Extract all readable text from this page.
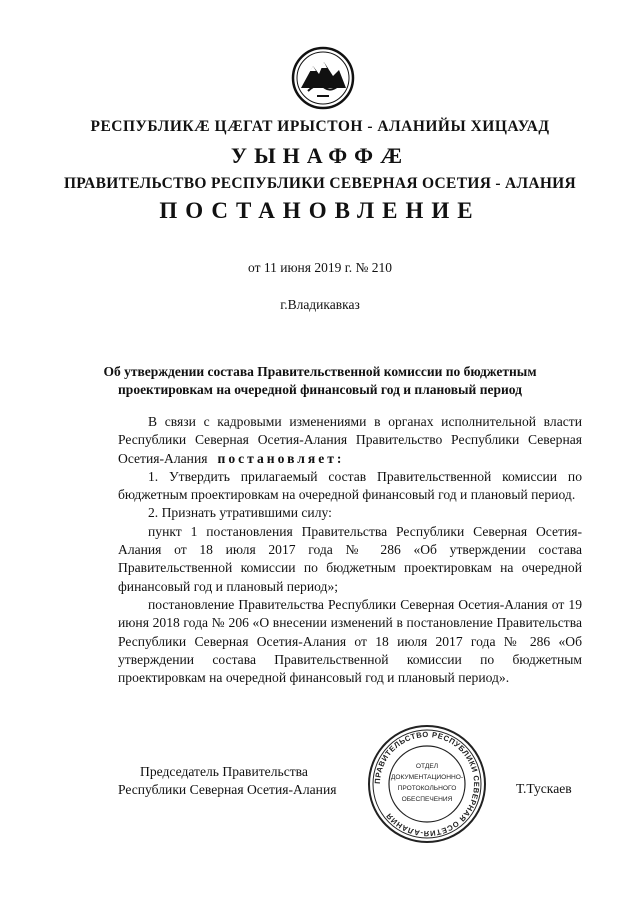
РЕСПУБЛИКӔ ЦӔГАТ ИРЫСТОН - АЛАНИЙЫ ХИЦАУАД
УЫНАФФӔ
ПРАВИТЕЛЬСТВО РЕСПУБЛИКИ СЕВЕРНАЯ ОСЕТИЯ - АЛАНИЯ
ПОСТАНОВЛЕНИЕ
от 11 июня 2019 г. № 210
г.Владикавказ
Об утверждении состава Правительственной комиссии по бюджетным
проектировкам на очередной финансовый год и плановый период

В связи с кадровыми изменениями в органах исполнительной власти Республики Северная Осетия-Алания Правительство Республики Северная Осетия-Алания постановляет:

1. Утвердить прилагаемый состав Правительственной комиссии по бюджетным проектировкам на очередной финансовый год и плановый период.

2. Признать утратившими силу:

пункт 1 постановления Правительства Республики Северная Осетия-Алания от 18 июля 2017 года № 286 «Об утверждении состава Правительственной комиссии по бюджетным проектировкам на очередной финансовый год и плановый период»;

постановление Правительства Республики Северная Осетия-Алания от 19 июня 2018 года № 206 «О внесении изменений в постановление Правительства Республики Северная Осетия-Алания от 18 июля 2017 года № 286 «Об утверждении состава Правительственной комиссии по бюджетным проектировкам на очередной финансовый год и плановый период».

Председатель Правительства
Республики Северная Осетия-Алания
ПРАВИТЕЛЬСТВО РЕСПУБЛИКИ СЕВЕРНАЯ ОСЕТИЯ-АЛАНИЯ
ОТДЕЛ
ДОКУМЕНТАЦИОННО-
ПРОТОКОЛЬНОГО
ОБЕСПЕЧЕНИЯ
Т.Тускаев
